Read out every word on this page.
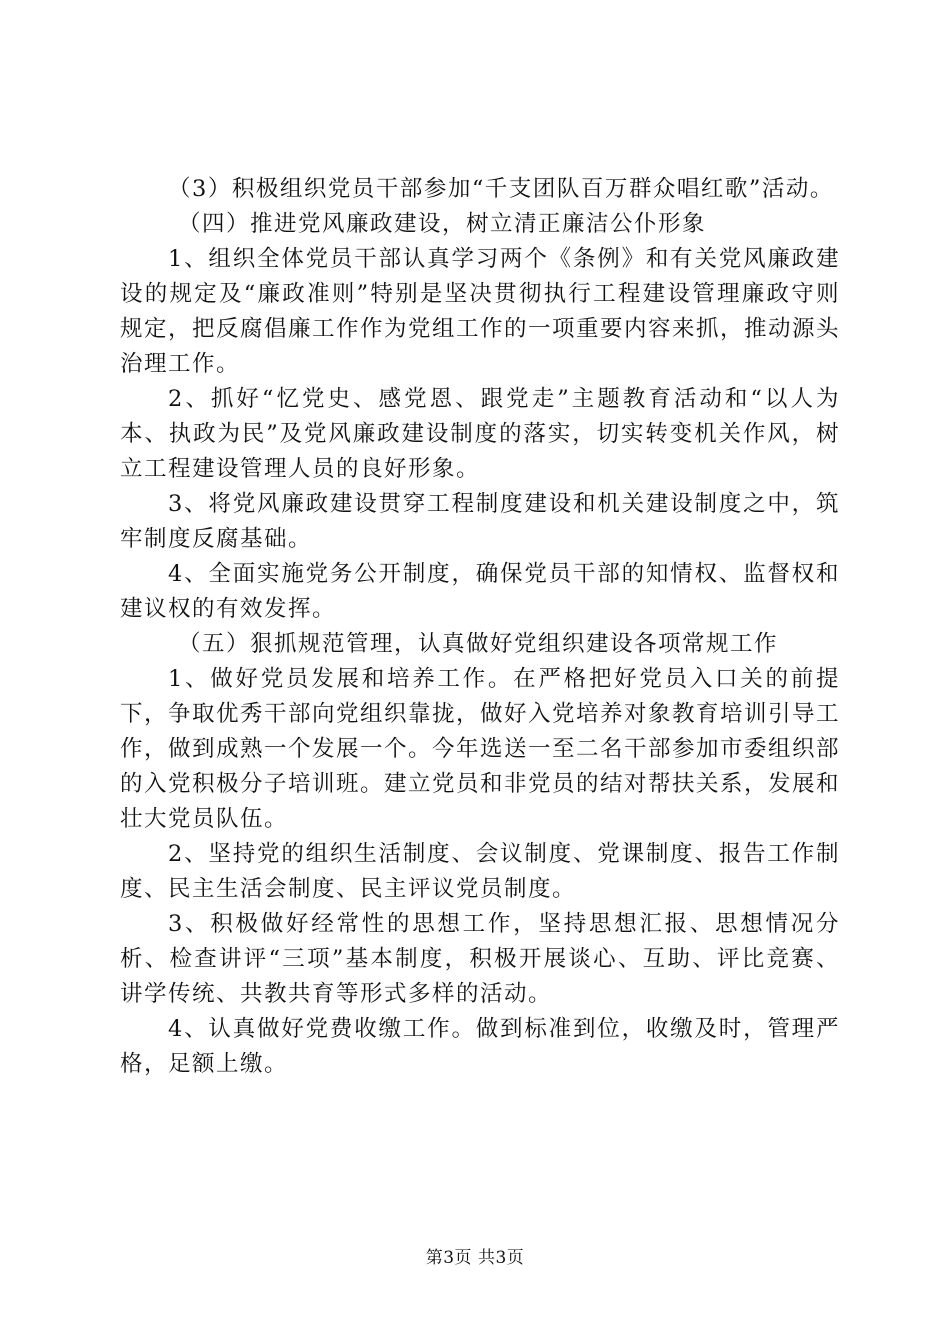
（3）积极组织党员干部参加“千支团队百万群众唱红歌”活动。

（四）推进党风廉政建设，树立清正廉洁公仆形象

1、组织全体党员干部认真学习两个《条例》和有关党风廉政建设的规定及“廉政准则”特别是坚决贯彻执行工程建设管理廉政守则规定，把反腐倡廉工作作为党组工作的一项重要内容来抓，推动源头治理工作。

2、抓好“忆党史、感党恩、跟党走”主题教育活动和“以人为本、执政为民”及党风廉政建设制度的落实，切实转变机关作风，树立工程建设管理人员的良好形象。

3、将党风廉政建设贯穿工程制度建设和机关建设制度之中，筑牢制度反腐基础。

4、全面实施党务公开制度，确保党员干部的知情权、监督权和建议权的有效发挥。

（五）狠抓规范管理，认真做好党组织建设各项常规工作

1、做好党员发展和培养工作。在严格把好党员入口关的前提下，争取优秀干部向党组织靠拢，做好入党培养对象教育培训引导工作，做到成熟一个发展一个。今年选送一至二名干部参加市委组织部的入党积极分子培训班。建立党员和非党员的结对帮扶关系，发展和壮大党员队伍。

2、坚持党的组织生活制度、会议制度、党课制度、报告工作制度、民主生活会制度、民主评议党员制度。

3、积极做好经常性的思想工作，坚持思想汇报、思想情况分析、检查讲评“三项”基本制度，积极开展谈心、互助、评比竞赛、讲学传统、共教共育等形式多样的活动。

4、认真做好党费收缴工作。做到标准到位，收缴及时，管理严格，足额上缴。

第3页 共3页
